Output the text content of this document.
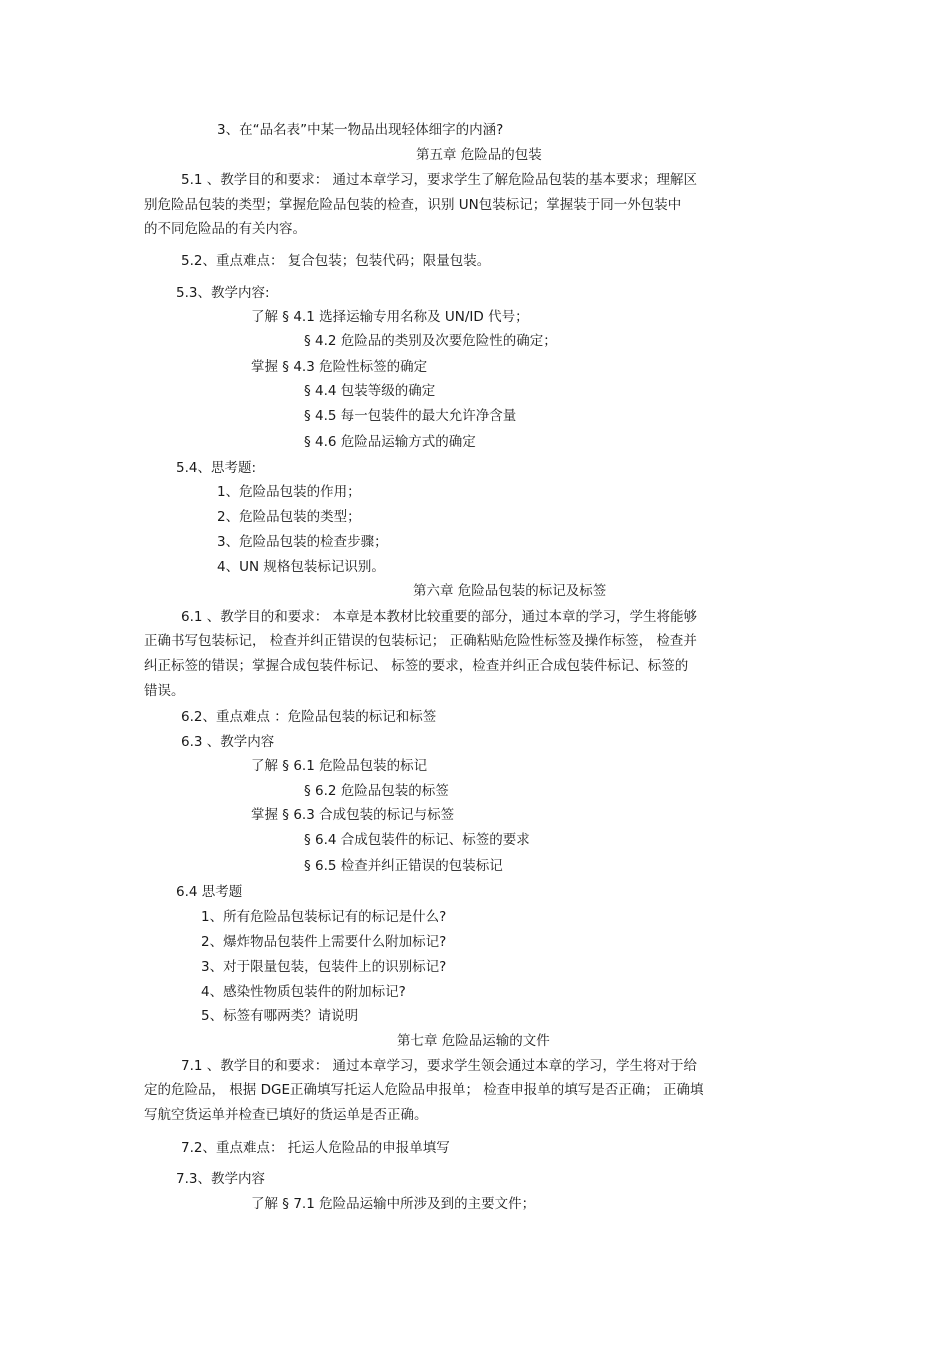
3、在“品名表”中某一物品出现轻体细字的内涵?
第五章 危险品的包装
5.1 、教学目的和要求： 通过本章学习，要求学生了解危险品包装的基本要求；理解区
别危险品包装的类型；掌握危险品包装的检查，识别 UN包装标记；掌握装于同一外包装中
的不同危险品的有关内容。
5.2、重点难点： 复合包装；包装代码；限量包装。
5.3、教学内容:
了解 § 4.1 选择运输专用名称及 UN/ID 代号；
§ 4.2 危险品的类别及次要危险性的确定；
掌握 § 4.3 危险性标签的确定
§ 4.4 包装等级的确定
§ 4.5 每一包装件的最大允许净含量
§ 4.6 危险品运输方式的确定
5.4、思考题:
1、危险品包装的作用；
2、危险品包装的类型；
3、危险品包装的检查步骤；
4、UN 规格包装标记识别。
第六章 危险品包装的标记及标签
6.1 、教学目的和要求： 本章是本教材比较重要的部分，通过本章的学习，学生将能够
正确书写包装标记， 检查并纠正错误的包装标记； 正确粘贴危险性标签及操作标签， 检查并
纠正标签的错误；掌握合成包装件标记、 标签的要求，检查并纠正合成包装件标记、标签的
错误。
6.2、重点难点 ：危险品包装的标记和标签
6.3 、教学内容
了解 § 6.1 危险品包装的标记
§ 6.2 危险品包装的标签
掌握 § 6.3 合成包装的标记与标签
§ 6.4 合成包装件的标记、标签的要求
§ 6.5 检查并纠正错误的包装标记
6.4 思考题
1、所有危险品包装标记有的标记是什么?
2、爆炸物品包装件上需要什么附加标记?
3、对于限量包装，包装件上的识别标记?
4、感染性物质包装件的附加标记?
5、标签有哪两类？请说明
第七章 危险品运输的文件
7.1 、教学目的和要求： 通过本章学习，要求学生领会通过本章的学习，学生将对于给
定的危险品， 根据 DGE正确填写托运人危险品申报单； 检查申报单的填写是否正确； 正确填
写航空货运单并检查已填好的货运单是否正确。
7.2、重点难点： 托运人危险品的申报单填写
7.3、教学内容
了解 § 7.1 危险品运输中所涉及到的主要文件；
